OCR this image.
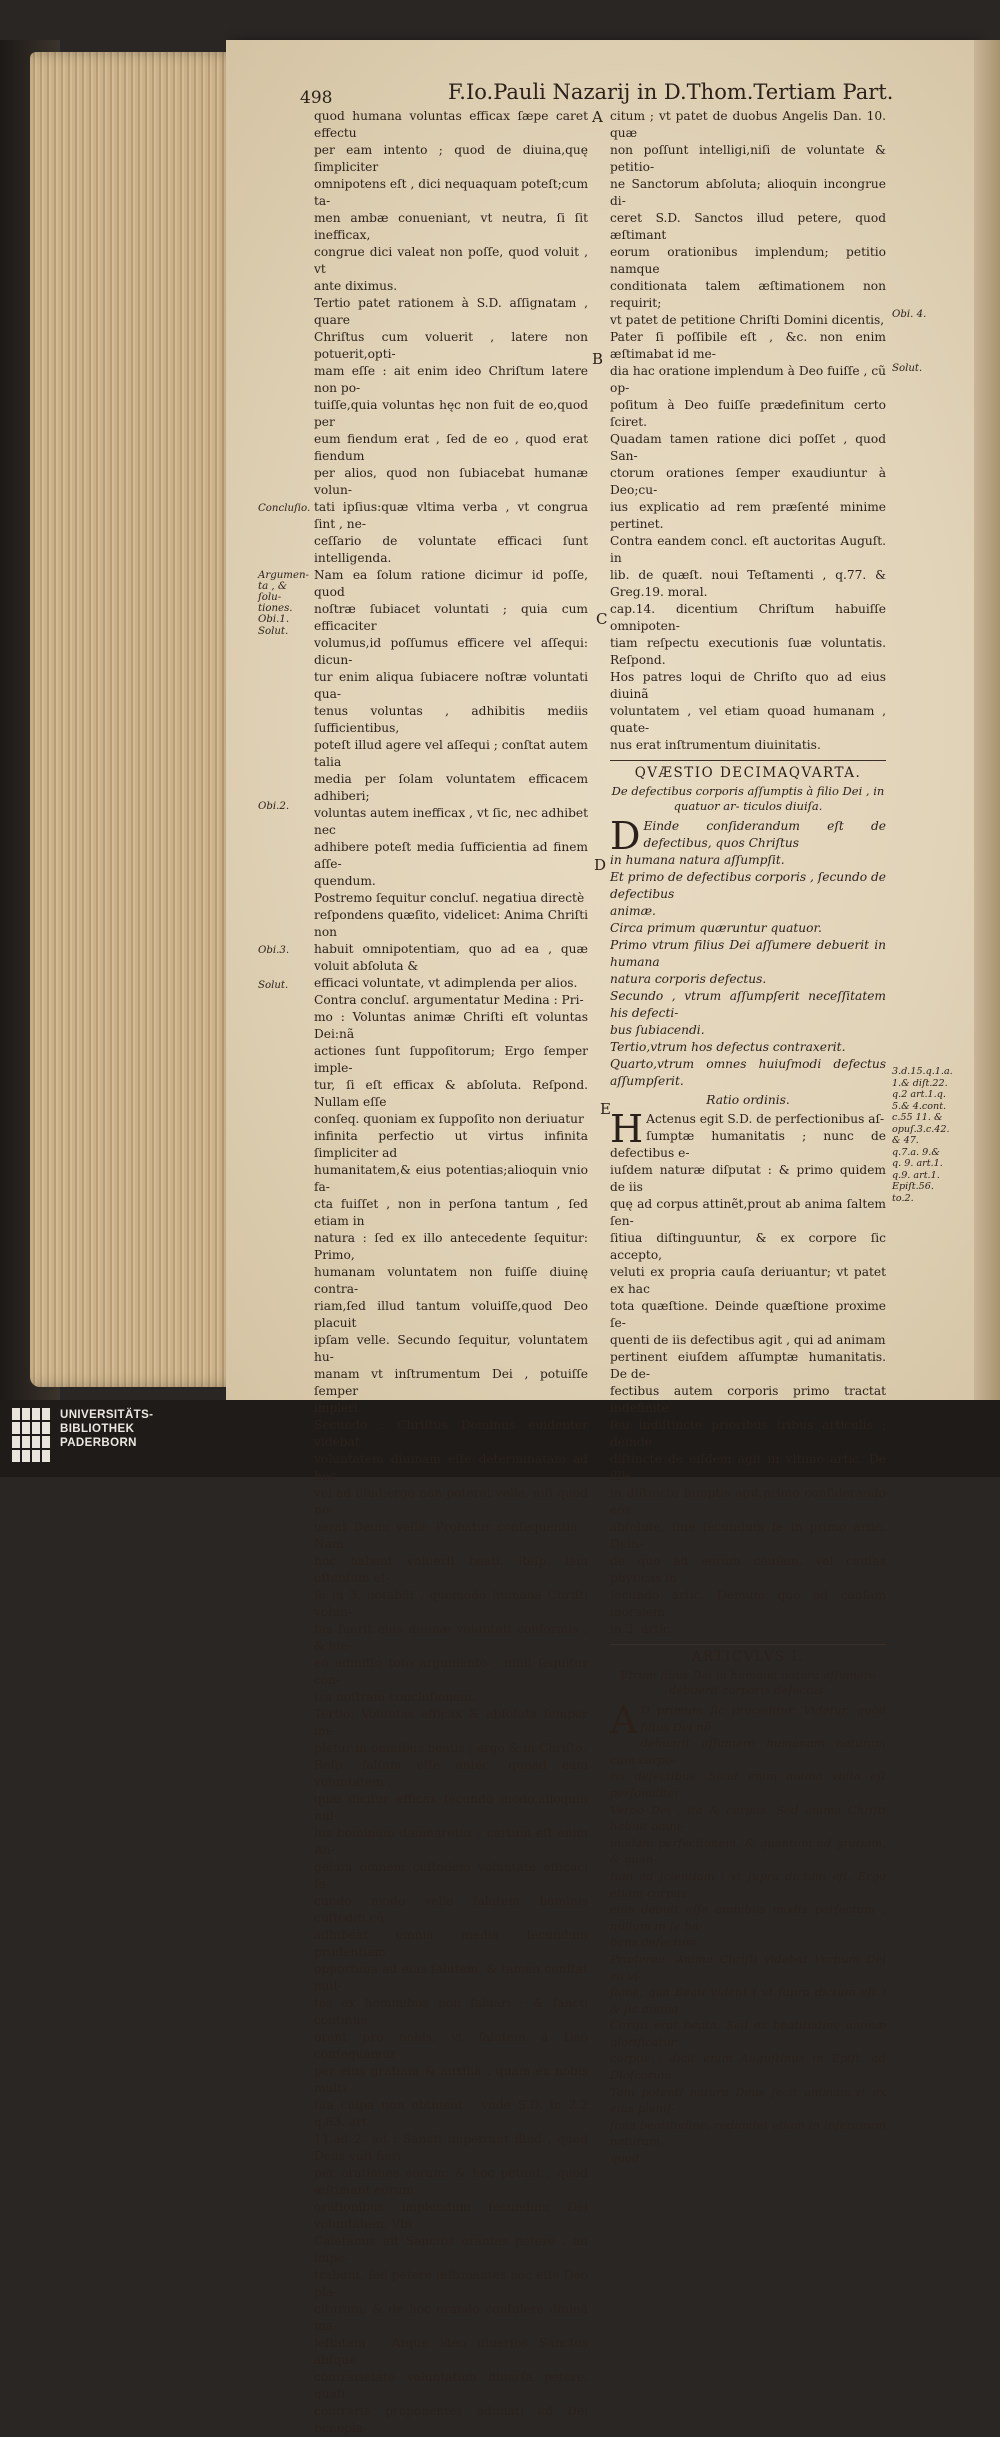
498	F.Io.Pauli Nazarij in D.Thom.Tertiam Part.
quod humana voluntas efficax ſæpe caret effectu
per eam intento ; quod de diuina,quę ſimpliciter
omnipotens eſt , dici nequaquam poteſt;cum ta-
men ambæ conueniant, vt neutra, ſi ſit inefficax,
congrue dici valeat non poſſe, quod voluit , vt
ante diximus.
Tertio patet rationem à S.D. aſſignatam , quare
Chriſtus cum voluerit , latere non potuerit,opti-
mam eſſe : ait enim ideo Chriſtum latere non po-
tuiſſe,quia voluntas hęc non fuit de eo,quod per
eum fiendum erat , ſed de eo , quod erat fiendum
per alios, quod non ſubiacebat humanæ volun-
tati ipſius:quæ vltima verba , vt congrua ſint , ne-
ceſſario de voluntate efficaci ſunt intelligenda.
Nam ea ſolum ratione dicimur id poſſe, quod
noſtræ ſubiacet voluntati ; quia cum efficaciter
volumus,id poſſumus efficere vel aſſequi: dicun-
tur enim aliqua ſubiacere noſtræ voluntati qua-
tenus voluntas , adhibitis mediis ſufficientibus,
poteſt illud agere vel aſſequi ; conſtat autem talia
media per ſolam voluntatem efficacem adhiberi;
voluntas autem inefficax , vt ſic, nec adhibet nec
adhibere poteſt media ſufficientia ad finem aſſe-
quendum.
Postremo ſequitur concluſ. negatiua directè
reſpondens quæſito, videlicet: Anima Chriſti non
habuit omnipotentiam, quo ad ea , quæ voluit abſoluta &
efficaci voluntate, vt adimplenda per alios.
Contra concluſ. argumentatur Medina : Pri-
mo : Voluntas animæ Chriſti eſt voluntas Dei:nã
actiones ſunt ſuppoſitorum; Ergo ſemper imple-
tur, ſi eſt efficax & abſoluta. Reſpond. Nullam eſſe
conſeq. quoniam ex ſuppoſito non deriuatur
infinita perfectio ut virtus infinita ſimpliciter ad
humanitatem,& eius potentias;alioquin vnio fa-
cta fuiſſet , non in perſona tantum , ſed etiam in
natura : ſed ex illo antecedente ſequitur: Primo,
humanam voluntatem non fuiſſe diuinę contra-
riam,ſed illud tantum voluiſſe,quod Deo placuit
ipſam velle. Secundo ſequitur, voluntatem hu-
manam vt inſtrumentum Dei , potuiſſe ſemper
impleri.
Secundo : Chriſtus Dominus euidenter videbat
voluntatem diuinam eſſe determinatam ad hoc
vel ad illud;ergo non poterat velle, niſi quod no-
uerat Deum velle: Probatur conſequentia : Nam
hoc habent vniuerſi beati. Reſp. Iam oſtenſum eſ-
ſe in 3. notabili , quomodo humana Chriſti volun-
tas fuerit eius diuinæ voluntati conformis ; & ide-
eo admiſſo toto argumento , nihil ſequitur con-
tra noſtram concluſionem.
Tertio: Voluntas efficax & abſoluta ſemper im-
pletur in omnibus beatis ; ergo & in Chriſto.
Reſp. falſum eſſe antec. quoad eam voluntatem ,
quæ dicitur efficax ſecundo modo,alioquin nul-
lus hominum damnaretur ; certum eſt enim An-
gelum omnem cuſtodem voluntate efficaci ſe-
cundo modo velle ſalutem hominis cuſtoditi,cũ
adhibeat omnia media ſecundum prudentiam
opportuna ad eius ſalutem, & tamen conſtat mul-
tos ex hominibus non ſaluari ; & ſancti continue
orant pro nobis, vt ſalutem à Deo conſequamur
per eius gratiam & auxilia , quam ex nobis multi
ſua culpa non obtinent : vnde S.D. in 2.2 q.83. art.
11.ad 2. ait : Sancti impetrant illud , quod Deus vult fieri
per orationes eorum: & hoc petunt , quod æſtimant eorum
orationibus implendum ſecundum Dei voluntatem. Vbi
Caietanus ait Sanctos orantes petere , an impe-
trabunt, ſed petere æſtimantes hoc eſſe Deo pla-
citurum, & de hoc orando conſulere diuinã ma-
ieſtatem : Atque ideo diuerſos Sanctos abſque
contrarietate voluntatum diuerſa petere, quaſi
contraria proponentes adunati ad Dei benepla-
citum ; vt patet de duobus Angelis Dan. 10. quæ
non poſſunt intelligi,niſi de voluntate & petitio-
ne Sanctorum abſoluta; alioquin incongrue di-
ceret S.D. Sanctos illud petere, quod æſtimant
eorum orationibus implendum; petitio namque
conditionata talem æſtimationem non requirit;
vt patet de petitione Chriſti Domini dicentis,
Pater ſi poſſibile eſt , &c. non enim æſtimabat id me-
dia hac oratione implendum à Deo fuiſſe , cũ op-
poſitum à Deo fuiſſe prædefinitum certo ſciret.
Quadam tamen ratione dici poſſet , quod San-
ctorum orationes ſemper exaudiuntur à Deo;cu-
ius explicatio ad rem præſenté minime pertinet.
Contra eandem concl. eſt auctoritas Auguſt. in
lib. de quæſt. noui Teſtamenti , q.77. & Greg.19. moral.
cap.14. dicentium Chriſtum habuiſſe omnipoten-
tiam reſpectu executionis ſuæ voluntatis. Reſpond.
Hos patres loqui de Chriſto quo ad eius diuinã
voluntatem , vel etiam quoad humanam , quate-
nus erat inſtrumentum diuinitatis.
QVÆSTIO DECIMAQVARTA.
De defectibus corporis aſſumptis à filio Dei , in quatuor ar- ticulos diuiſa.
D Einde conſiderandum eſt de defectibus, quos Chriſtus
in humana natura aſſumpſit.
Et primo de defectibus corporis , ſecundo de defectibus
animæ.
Circa primum quæruntur quatuor.
Primo vtrum filius Dei aſſumere debuerit in humana
natura corporis defectus.
Secundo , vtrum aſſumpſerit neceſſitatem his defecti-
bus ſubiacendi.
Tertio,vtrum hos defectus contraxerit.
Quarto,vtrum omnes huiuſmodi defectus aſſumpſerit.
Ratio ordinis.
H Actenus egit S.D. de perfectionibus aſ-
ſumptæ humanitatis ; nunc de defectibus e-
iuſdem naturæ diſputat : & primo quidem de iis
quę ad corpus attinẽt,prout ab anima ſaltem ſen-
ſitiua diſtinguuntur, & ex corpore ſic accepto,
veluti ex propria cauſa deriuantur; vt patet ex hac
tota quæſtione. Deinde quæſtione proxime ſe-
quenti de iis defectibus agit , qui ad animam
pertinent eiuſdem aſſumptæ humanitatis. De de-
fectibus autem corporis primo tractat indefinite
ſeu indiſtincte prioribus tribus articulis ; deinde
diſtincte de eiſdem agit in vltimo artic. De illis
in diſtincte ſumptis agit,primo conſiderando eos
abſolute, ſiue ſecundum ſe in primo artic. Dein-
de quo ad eorum cauſam, vel cauſas phyſicas in
ſecundo artic. Demum quo ad cauſam moralem
in 3. artic.
ARTICVLVS I.
Vtrum filius Dei in humana natura aſſumere debuerit corporis defectus.
A D primum ſic proceditur. Videtur, quod filius Dei nõ
debuerit aſſumere humanam naturam cum corpo-
ris defectibus. Sicut enim anima vnita eſt perſonaliter
Verbo Dei , ita & corpus. Sed anima Chriſti habuit omni-
modam perfectionem, & quantum ad gratiam, & quan-
tum ad ſcientiam : vt ſupra dictum eſt. Ergo etiam corpus
eius debuit eſſe omnibus modis perfectum , nullum in ſe ha-
bens defectum.
Præterea: Anima Chriſti videbat Verbum Dei ea vi-
ſione, qua Beati vident ( vt ſupra dictum eſt ) & ſic anima
Chriſti erat beata. Sed ex beatitudine animæ glorificatur
corpus : dicit enim Auguſtinus in Epiſt. ad Dioſcorum.
Tam potenti natura Deus fecit animam,vt ex eius pleniſ-
ſima beatitudine, redundet etiam in inferiorem naturam,
quod
Concluſio.
Argumen- ta , & ſolu- tiones.
Obi.1.
Solut.
Obi.2.
Obi.3.
Solut.
A
B
C
D
E
Obi. 4.
Solut.
3.d.15.q.1.a.
1.& diſt.22.
q.2 art.1.q.
5.& 4.cont.
c.55 11. &
opuſ.3.c.42.
& 47.
q.7.a. 9.&
q. 9. art.1.
q.9. art.1.
Epiſt.56.
to.2.
UNIVERSITÄTS-
BIBLIOTHEK
PADERBORN
